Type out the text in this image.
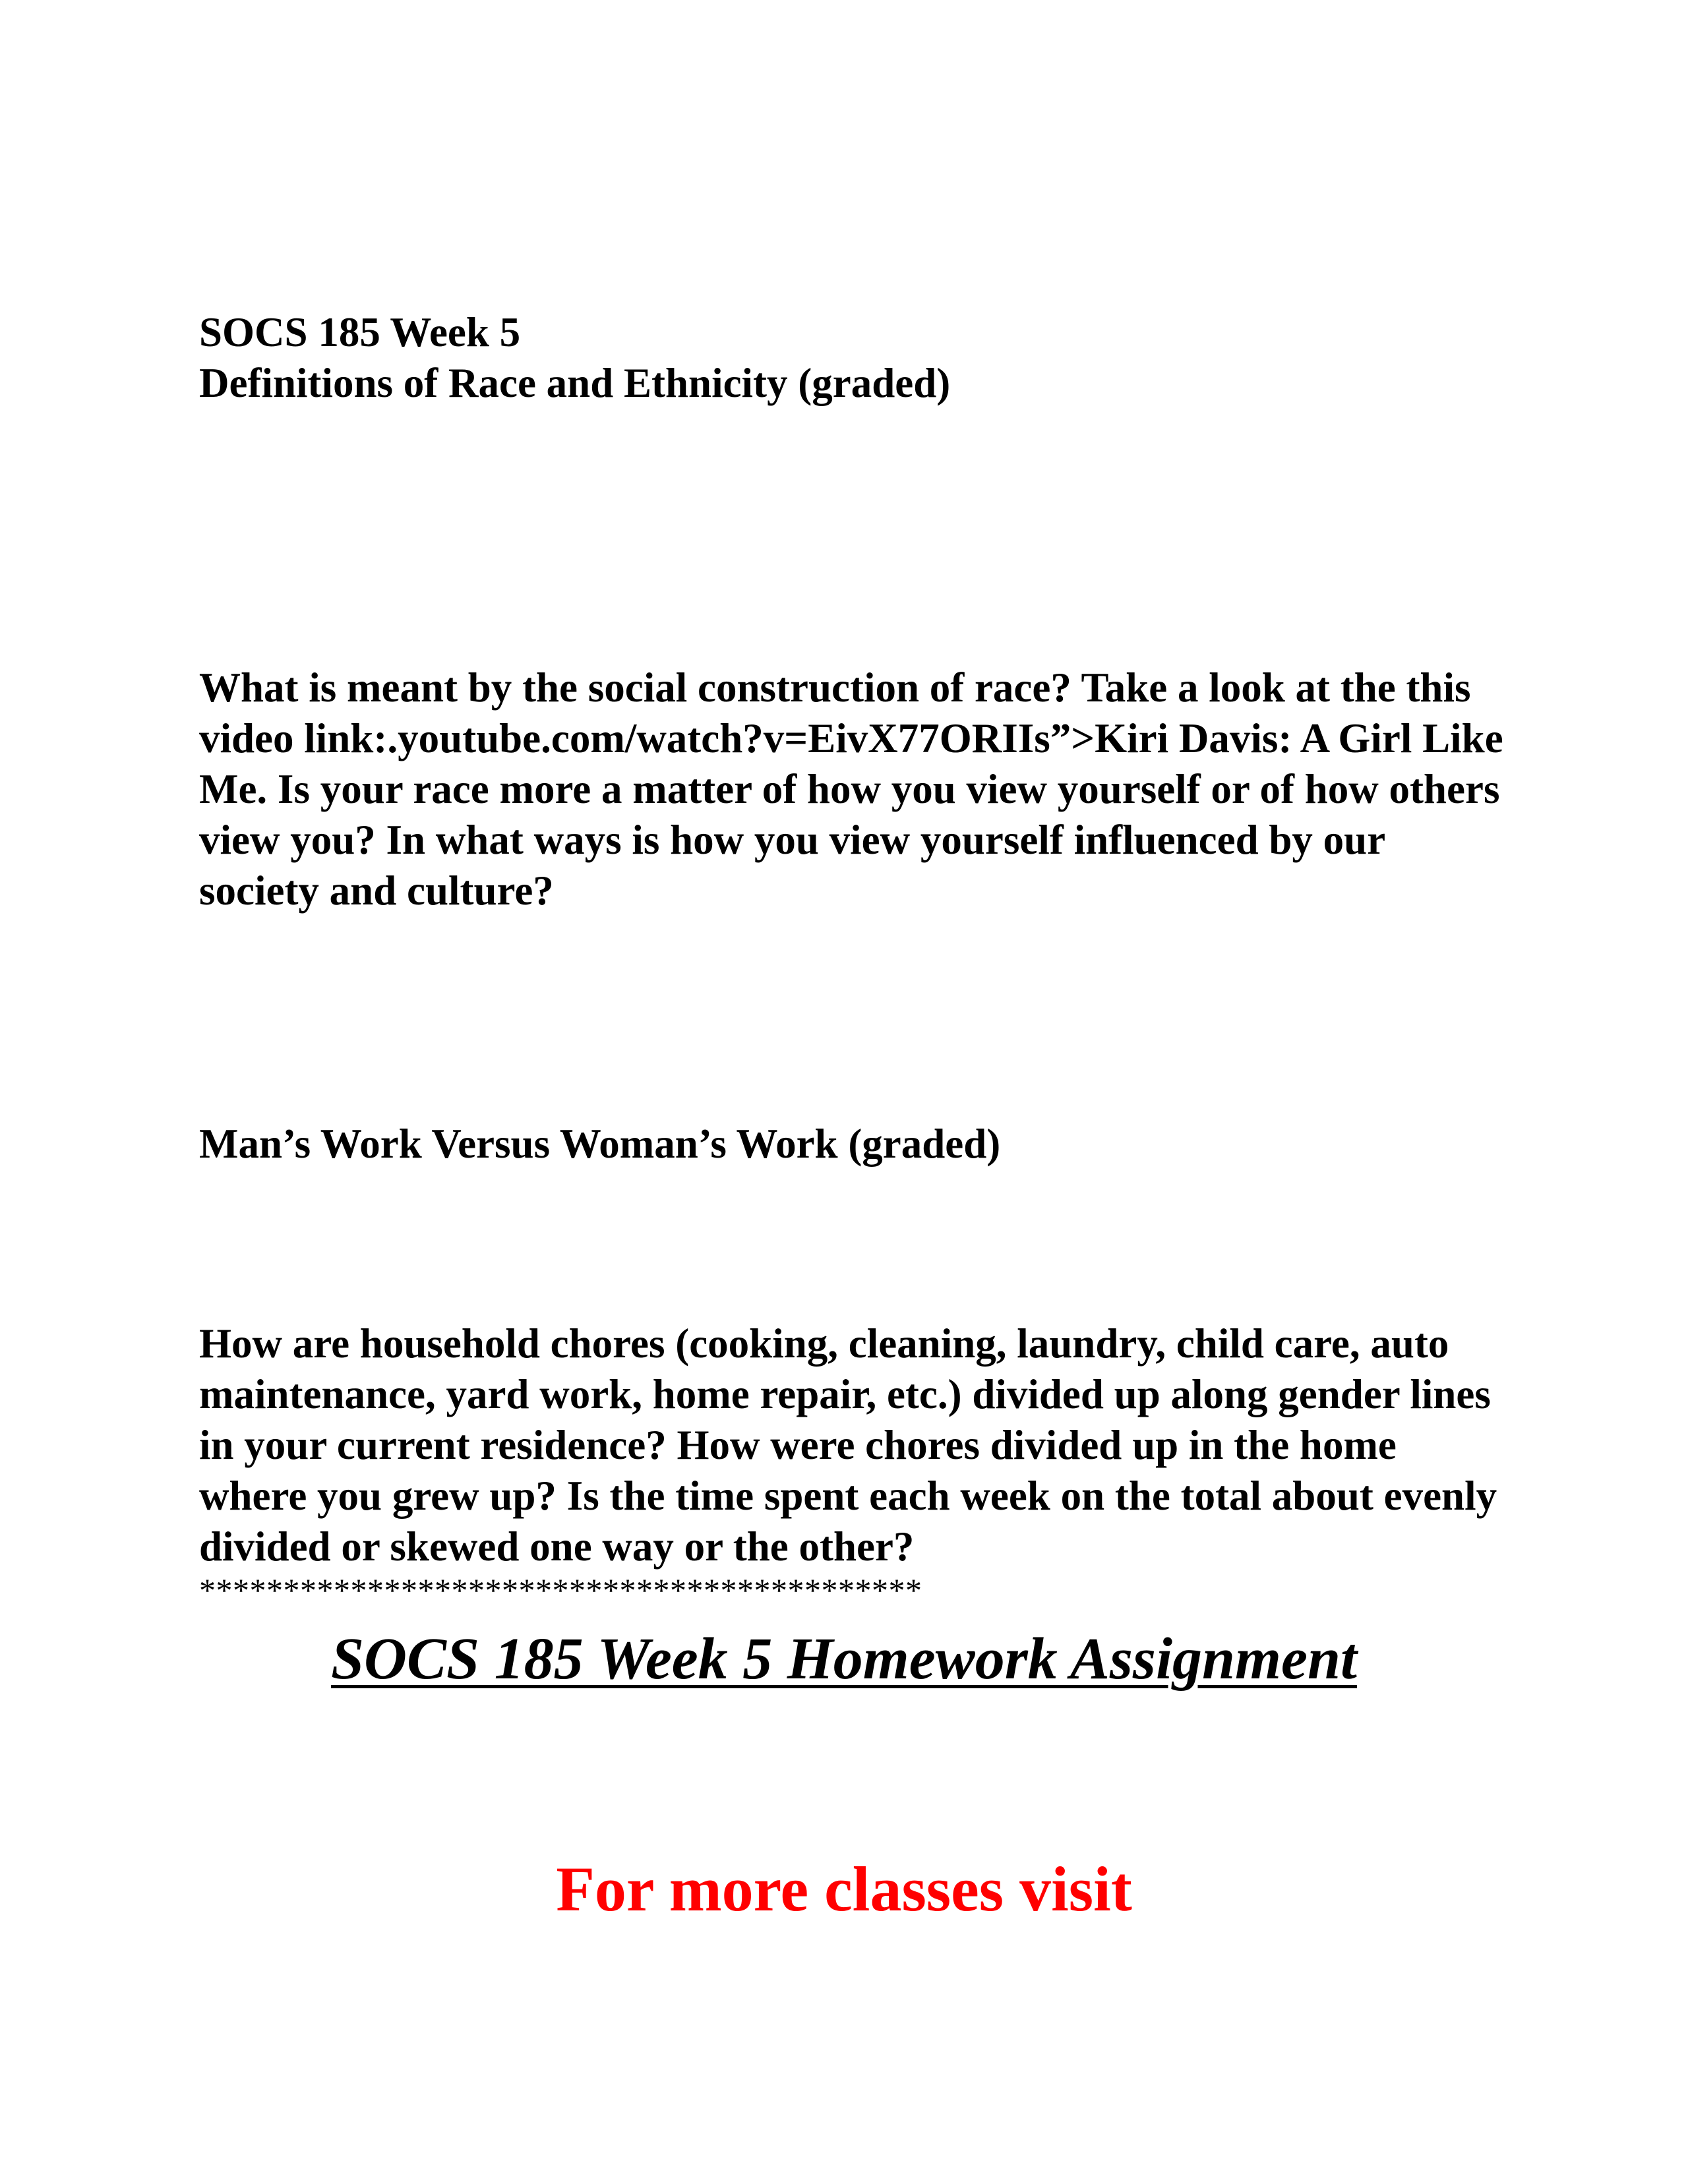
SOCS 185 Week 5
Definitions of Race and Ethnicity (graded)

What is meant by the social construction of race? Take a look at the this video link:.youtube.com/watch?v=EivX77ORIIs”>Kiri Davis: A Girl Like Me. Is your race more a matter of how you view yourself or of how others view you? In what ways is how you view yourself influenced by our society and culture?

Man’s Work Versus Woman’s Work (graded)

How are household chores (cooking, cleaning, laundry, child care, auto maintenance, yard work, home repair, etc.) divided up along gender lines in your current residence? How were chores divided up in the home where you grew up? Is the time spent each week on the total about evenly divided or skewed one way or the other?

*******************************************
SOCS 185 Week 5 Homework Assignment
For more classes visit
